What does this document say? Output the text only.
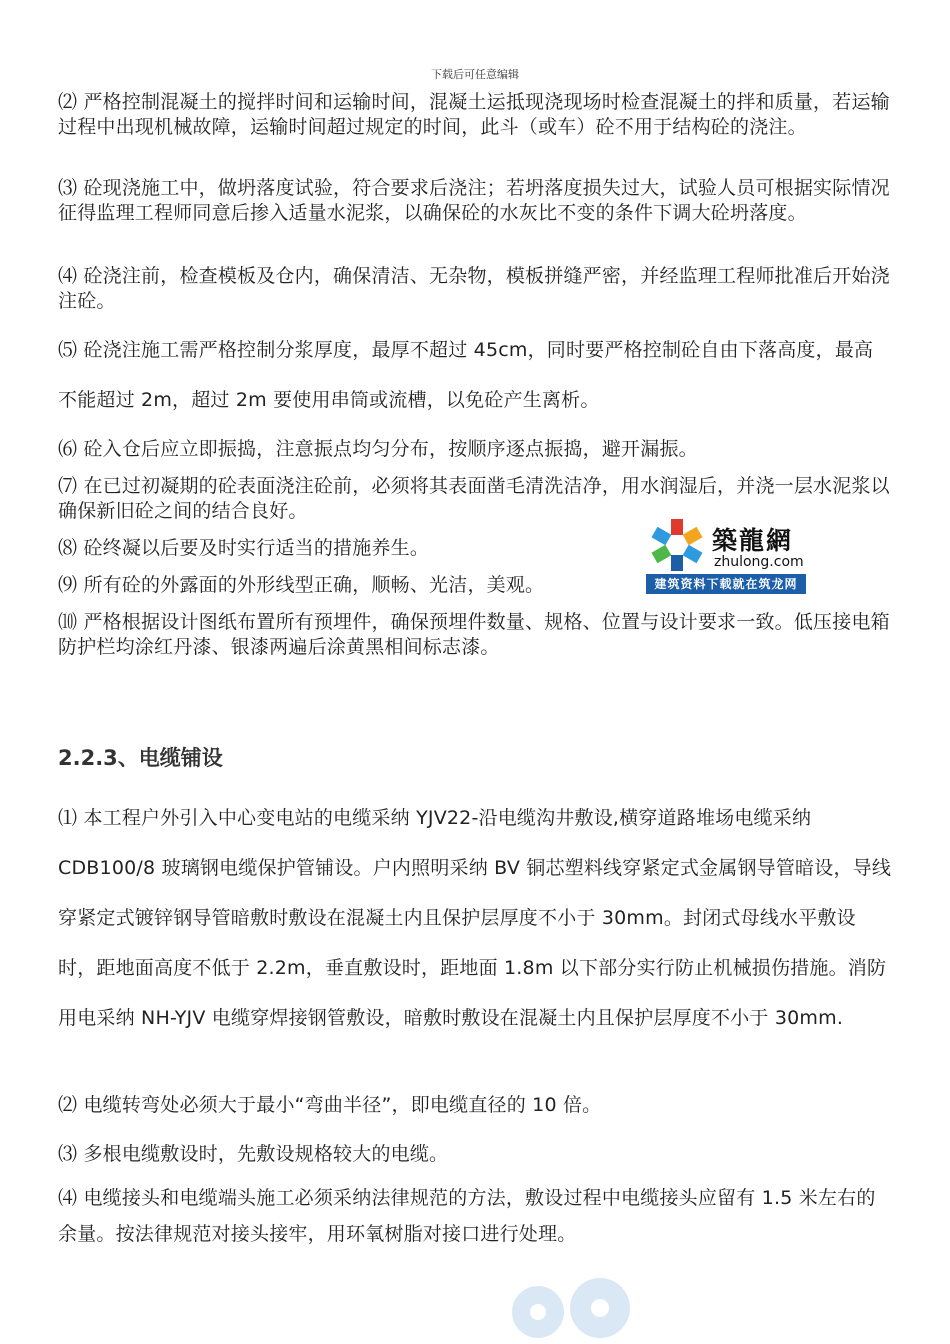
下载后可任意编辑

⑵ 严格控制混凝土的搅拌时间和运输时间，混凝土运抵现浇现场时检查混凝土的拌和质量，若运输过程中出现机械故障，运输时间超过规定的时间，此斗（或车）砼不用于结构砼的浇注。

⑶ 砼现浇施工中，做坍落度试验，符合要求后浇注；若坍落度损失过大，试验人员可根据实际情况征得监理工程师同意后掺入适量水泥浆，以确保砼的水灰比不变的条件下调大砼坍落度。

⑷ 砼浇注前，检查模板及仓内，确保清洁、无杂物，模板拼缝严密，并经监理工程师批准后开始浇注砼。

⑸ 砼浇注施工需严格控制分浆厚度，最厚不超过 45cm，同时要严格控制砼自由下落高度，最高不能超过 2m，超过 2m 要使用串筒或流槽，以免砼产生离析。

⑹ 砼入仓后应立即振捣，注意振点均匀分布，按顺序逐点振捣，避开漏振。

⑺ 在已过初凝期的砼表面浇注砼前，必须将其表面凿毛清洗洁净，用水润湿后，并浇一层水泥浆以确保新旧砼之间的结合良好。

⑻ 砼终凝以后要及时实行适当的措施养生。

⑼ 所有砼的外露面的外形线型正确，顺畅、光洁，美观。

⑽ 严格根据设计图纸布置所有预埋件，确保预埋件数量、规格、位置与设计要求一致。低压接电箱防护栏均涂红丹漆、银漆两遍后涂黄黑相间标志漆。

築龍網
zhulong.com
建筑资料下载就在筑龙网
2.2.3、电缆铺设

⑴ 本工程户外引入中心变电站的电缆采纳 YJV22-沿电缆沟井敷设,横穿道路堆场电缆采纳 CDB100/8 玻璃钢电缆保护管铺设。户内照明采纳 BV 铜芯塑料线穿紧定式金属钢导管暗设，导线穿紧定式镀锌钢导管暗敷时敷设在混凝土内且保护层厚度不小于 30mm。封闭式母线水平敷设时，距地面高度不低于 2.2m，垂直敷设时，距地面 1.8m 以下部分实行防止机械损伤措施。消防用电采纳 NH-YJV 电缆穿焊接钢管敷设，暗敷时敷设在混凝土内且保护层厚度不小于 30mm.

⑵ 电缆转弯处必须大于最小“弯曲半径”，即电缆直径的 10 倍。

⑶ 多根电缆敷设时，先敷设规格较大的电缆。

⑷ 电缆接头和电缆端头施工必须采纳法律规范的方法，敷设过程中电缆接头应留有 1.5 米左右的余量。按法律规范对接头接牢，用环氧树脂对接口进行处理。
